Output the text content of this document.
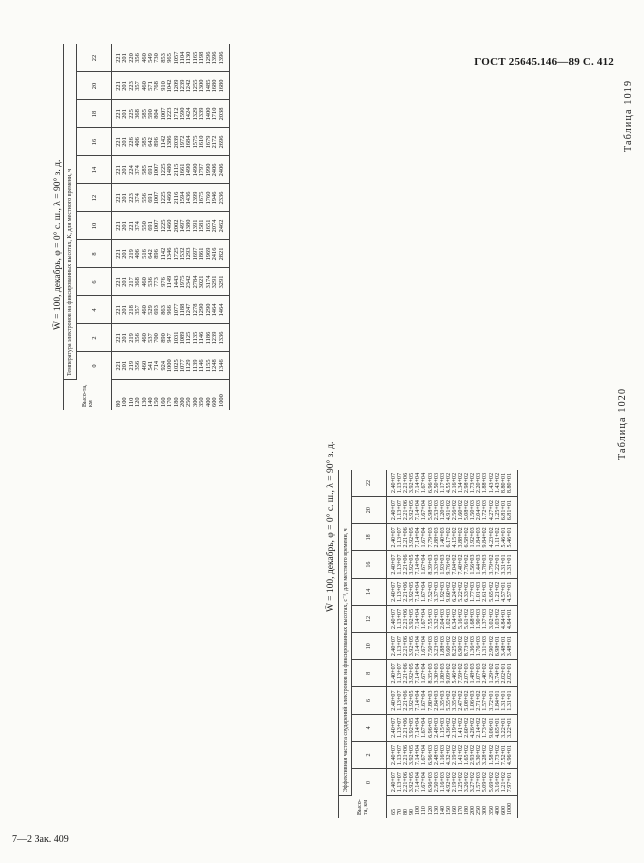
ГОСТ 25645.146—89 С. 412
Таблица 1019
W̄ = 100, декабрь, φ = 0° с. ш., λ = 90° з. д.
Высо-та, км	Температура электронов на фиксированных высотах, К, для местного времени, ч											
	0	2	4	6	8	10	12	14	16	18	20	22
80	221	221	221	221	221	221	221	221	221	221	221	221
100	201	201	201	201	201	201	201	201	201	201	201	201
110	219	219	218	217	219	221	223	224	226	225	223	220
120	356	356	357	368	406	374	374	374	406	368	357	356
130	460	460	460	460	516	550	556	585	585	585	460	460
140	541	537	529	536	642	691	691	691	642	590	571	549
150	714	700	693	773	896	1007	1007	1007	896	804	768	730
160	924	890	863	976	1142	1225	1225	1225	1142	1007	910	853
170	1000	947	966	1149	1346	1460	1460	1480	1386	1223	1042	965
180	1025	1031	1077	1443	1725	2002	2116	2115	2039	1712	1209	1057
200	1077	1089	1188	1975	1532	1497	1594	1661	1972	1590	1239	1104
250	1129	1125	1247	2342	1293	1380	1436	1490	1684	1424	1242	1130
300	1139	1135	1278	2784	1697	1391	1399	1490	1575	1329	1255	1165
350	1146	1146	1290	3021	1861	1581	1675	1797	1610	1339	1300	1198
400	1155	1186	1290	3174	1969	1651	1760	1990	1679	1400	1485	1296
600	1248	1239	1464	3291	2416	2074	1946	2406	2172	1710	1680	1396
1000	1346	1336	1464	3291	2821	2462	2336	2406	2696	2038	1680	1396
Таблица 1020
W̄ = 100, декабрь, φ = 0° с. ш., λ = 90° з. д.
Высо-та, км	Эффективная частота соударений электронов на фиксированных высотах, с⁻¹, для местного времени, ч											
	0	2	4	6	8	10	12	14	16	18	20	22
65	2.40+07	2.40+07	2.40+07	2.40+07	2.40+07	2.40+07	2.40+07	2.40+07	2.40+07	2.40+07	2.40+07	2.40+07
70	1.13+07	1.13+07	1.13+07	1.13+07	1.13+07	1.13+07	1.13+07	1.13+07	1.13+07	1.13+07	1.13+07	1.13+07
80	2.21+06	2.21+06	2.21+06	2.21+06	2.21+06	2.21+06	2.21+06	2.21+06	2.21+06	2.21+06	2.21+06	2.21+06
90	3.92+05	3.92+05	3.92+05	3.92+05	3.92+05	3.92+05	3.92+05	3.92+05	3.92+05	3.92+05	3.92+05	3.92+05
100	7.14+04	7.14+04	7.14+04	7.14+04	7.14+04	7.14+04	7.14+04	7.14+04	7.14+04	7.14+04	7.14+04	7.14+04
110	1.67+04	1.67+04	1.67+04	1.67+04	1.67+04	1.67+04	1.67+04	1.67+04	1.67+04	1.67+04	1.67+04	1.67+04
120	6.96+03	6.96+03	6.96+03	7.80+03	8.35+03	7.50+03	7.55+03	7.52+03	8.39+03	7.79+03	5.98+03	6.96+03
130	2.50+03	2.48+03	2.48+03	2.84+03	3.30+03	3.23+03	3.32+03	3.37+03	3.33+03	2.88+03	2.53+03	2.50+03
140	1.16+03	1.16+03	1.15+03	1.35+03	1.80+03	1.88+03	2.04+03	1.92+03	1.93+03	1.40+03	1.20+03	1.17+03
150	4.92+02	4.32+02	4.36+02	5.55+02	9.09+02	9.60+02	1.02+03	9.60+02	9.76+02	6.17+02	4.91+02	4.55+02
160	2.19+02	2.19+02	2.19+02	3.35+02	5.46+02	8.25+02	6.34+02	6.24+02	7.04+02	4.15+02	2.56+02	2.16+02
170	1.25+02	1.41+02	1.41+02	2.47+02	7.59+02	6.90+02	5.16+02	5.22+02	7.40+02	3.88+02	1.60+02	1.34+02
180	3.26+02	1.65+02	2.60+02	5.08+02	2.07+03	8.73+02	5.61+02	6.33+02	7.76+02	6.58+02	5.08+02	2.98+02
200	3.27+02	2.93+02	4.26+02	1.06+03	1.48+03	1.36+03	1.68+03	1.77+03	1.56+03	1.92+03	1.50+03	1.73+02
250	1.57+03	5.30+02	2.14+02	2.71+02	1.07+03	1.76+03	1.90+03	1.01+03	1.44+03	1.84+03	2.04+03	2.20+03
300	5.09+02	3.28+02	1.73+02	1.57+02	2.40+02	1.31+03	1.37+03	2.61+03	3.78+03	9.84+02	1.72+03	1.88+03
350	5.69+02	1.58+02	9.06+01	3.72+01	1.29+02	2.90+02	3.02+02	5.65+02	3.79+02	4.23+02	4.27+02	1.43+02
400	3.16+02	1.73+02	4.65+01	1.84+01	3.74+01	6.98+01	1.03+02	1.21+02	7.22+01	1.11+02	1.25+02	1.43+02
600	1.21+02	7.52+01	3.22+01	1.31+01	2.02+01	3.48+01	4.84+01	4.57+01	3.31+01	5.46+01	6.81+01	8.80+01
1000	7.97+01	4.96+01	3.22+01	1.31+01	2.02+01	3.48+01	4.84+01	4.57+01	3.31+01	5.46+01	6.81+01	8.80+01
7—2 Зак. 409
